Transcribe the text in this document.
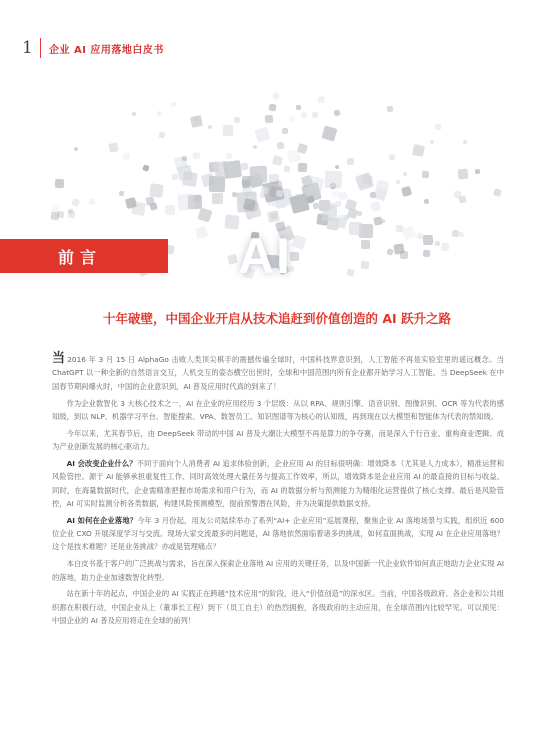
1	企业 AI 应用落地白皮书
AI
前言
十年破壁，中国企业开启从技术追赶到价值创造的 AI 跃升之路

当 2016 年 3 月 15 日 AlphaGo 击败人类顶尖棋手的震撼传遍全球时，中国科技界意识到，人工智能不再是实验室里的遥远概念。当 ChatGPT 以一种全新的自然语言交互，人机交互的姿态横空出世时，全球和中国范围内所有企业都开始学习人工智能。当 DeepSeek 在中国春节期间爆火时，中国的企业意识到，AI 普及应用时代真的到来了！

作为企业数智化 3 大核心技术之一，AI 在企业的应用经历 3 个层级：从以 RPA、规则引擎、语音识别、图像识别、OCR 等为代表的感知级，到以 NLP、机器学习平台、智能搜索、VPA、数智员工、知识图谱等为核心的认知级，再到现在以大模型和智能体为代表的禁知级。

今年以来，尤其春节后，由 DeepSeek 带动的中国 AI 普及大潮让大模型不再是算力的争夺赛，而是深入千行百业、重构商业逻辑、成为产业创新发展的核心驱动力。

AI 会改变企业什么？不同于面向个人消费者 AI 追求体验创新，企业应用 AI 的目标很明确：增效降本（尤其是人力成本），精准运营和风险管控。源于 AI 能够承担重复性工作、同时高效处理大量任务与提高工作效率，所以，增效降本是企业应用 AI 的最直接的目标与收益。同时，在海量数据时代，企业需精准把握市场需求和用户行为，而 AI 的数据分析与预测能力为精细化运营提供了核心支撑。最后是风险管控，AI 可实时监测分析各类数据，构建风险预测模型，提前预警潜在风险，并为决策提供数据支持。

AI 如何在企业落地？今年 3 月份起，用友公司陆续举办了系列“AI+ 企业应用”巡展课程，聚焦企业 AI 落地场景与实践，组织近 600 位企业 CXO 开展深度学习与交流。现场大家交流最多的问题是，AI 落地依然面临着诸多的挑战，如何直面挑战，实现 AI 在企业应用落地？这个是技术难题？还是业务挑战？亦或是管理痛点？

本白皮书基于客户的广泛挑战与需求，旨在深入探索企业落地 AI 应用的关键任务，以及中国新一代企业软件如何真正地助力企业实现 AI 的落地，助力企业加速数智化转型。

站在新十年的起点，中国企业的 AI 实践正在跨越“技术应用”的阶段，进入“价值创造”的深水区。当前，中国各级政府、各企业和公共组织都在积极行动，中国企业从上（董事长工程）到下（员工自主）的热烈拥抱，各级政府的主动应用，在全球范围内比较罕见。可以预见：中国企业的 AI 普及应用将走在全球的前列！
